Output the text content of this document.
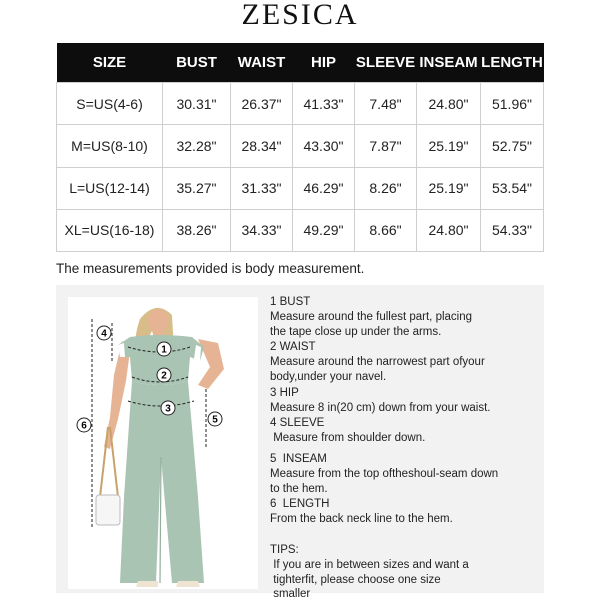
ZESICA
SIZE	BUST	WAIST	HIP	SLEEVE	INSEAM	LENGTH
S=US(4-6)	30.31"	26.37"	41.33"	7.48"	24.80"	51.96"
M=US(8-10)	32.28"	28.34"	43.30"	7.87"	25.19"	52.75"
L=US(12-14)	35.27"	31.33"	46.29"	8.26"	25.19"	53.54"
XL=US(16-18)	38.26"	34.33"	49.29"	8.66"	24.80"	54.33"
The measurements provided is body measurement.
1
2
3
4
5
6
1 BUST
Measure around the fullest part, placing
the tape close up under the arms.
2 WAIST
Measure around the narrowest part ofyour
body,under your navel.
3 HIP
Measure 8 in(20 cm) down from your waist.
4 SLEEVE
Measure from shoulder down.
5  INSEAM
Measure from the top oftheshoul-seam down
to the hem.
6  LENGTH
From the back neck line to the hem.
TIPS:
If you are in between sizes and want a
tighterfit, please choose one size
smaller
